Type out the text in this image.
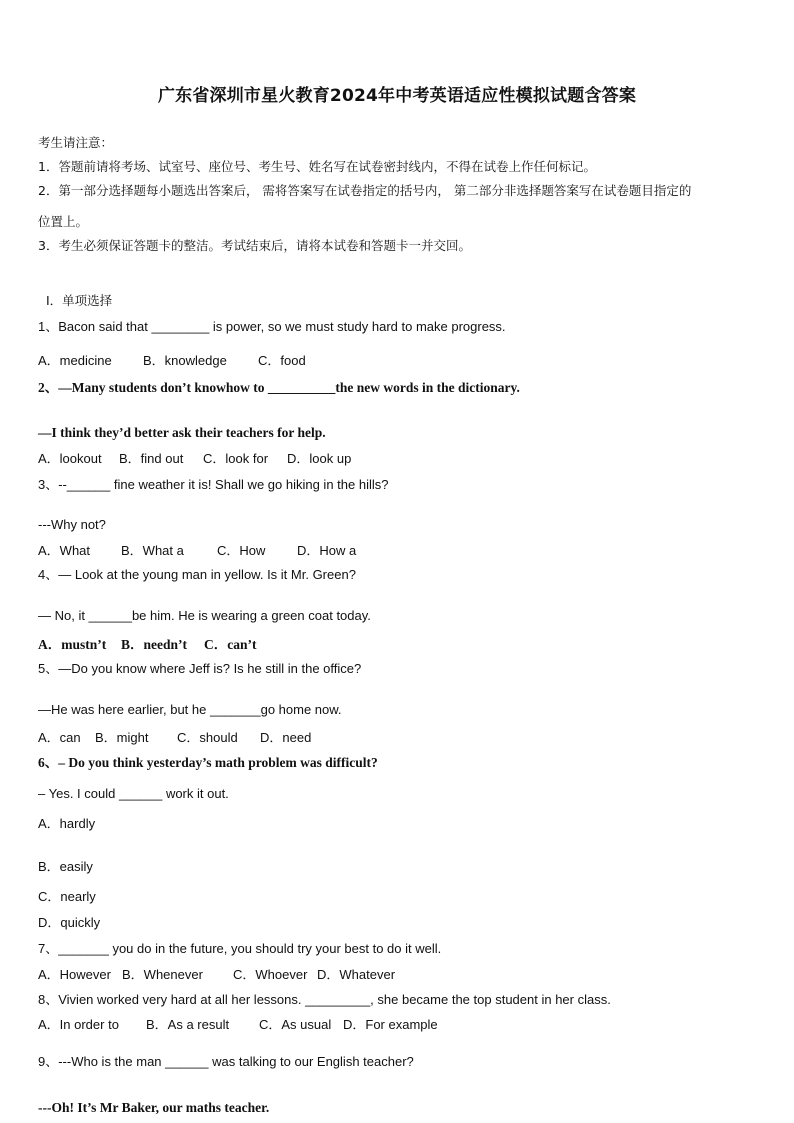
广东省深圳市星火教育2024年中考英语适应性模拟试题含答案
考生请注意：
1．答题前请将考场、试室号、座位号、考生号、姓名写在试卷密封线内，不得在试卷上作任何标记。
2．第一部分选择题每小题选出答案后， 需将答案写在试卷指定的括号内， 第二部分非选择题答案写在试卷题目指定的
位置上。
3．考生必须保证答题卡的整洁。考试结束后，请将本试卷和答题卡一并交回。
Ⅰ．单项选择
1、Bacon said that ________ is power, so we must study hard to make progress.
A．medicine B．knowledge C．food
2、—Many students don’t knowhow to __________the new words in the dictionary.
—I think they’d better ask their teachers for help.
A．lookout B．find out C．look for D．look up
3、--______ fine weather it is! Shall we go hiking in the hills?
---Why not?
A．What B．What a	C．How D．How a
4、— Look at the young man in yellow. Is it Mr. Green?
— No, it ______be him. He is wearing a green coat today.
A．mustn’t B．needn’t C．can’t
5、—Do you know where Jeff is? Is he still in the office?
—He was here earlier, but he _______go home now.
A．can B．might C．should D．need
6、– Do you think yesterday’s math problem was difficult?
– Yes. I could ______ work it out.
A．hardly
B．easily
C．nearly
D．quickly
7、_______ you do in the future, you should try your best to do it well.
A．However B．Whenever C．Whoever D．Whatever
8、Vivien worked very hard at all her lessons. _________, she became the top student in her class.
A．In order to B．As a result C．As usual D．For example
9、---Who is the man ______ was talking to our English teacher?
---Oh! It’s Mr Baker, our maths teacher.
